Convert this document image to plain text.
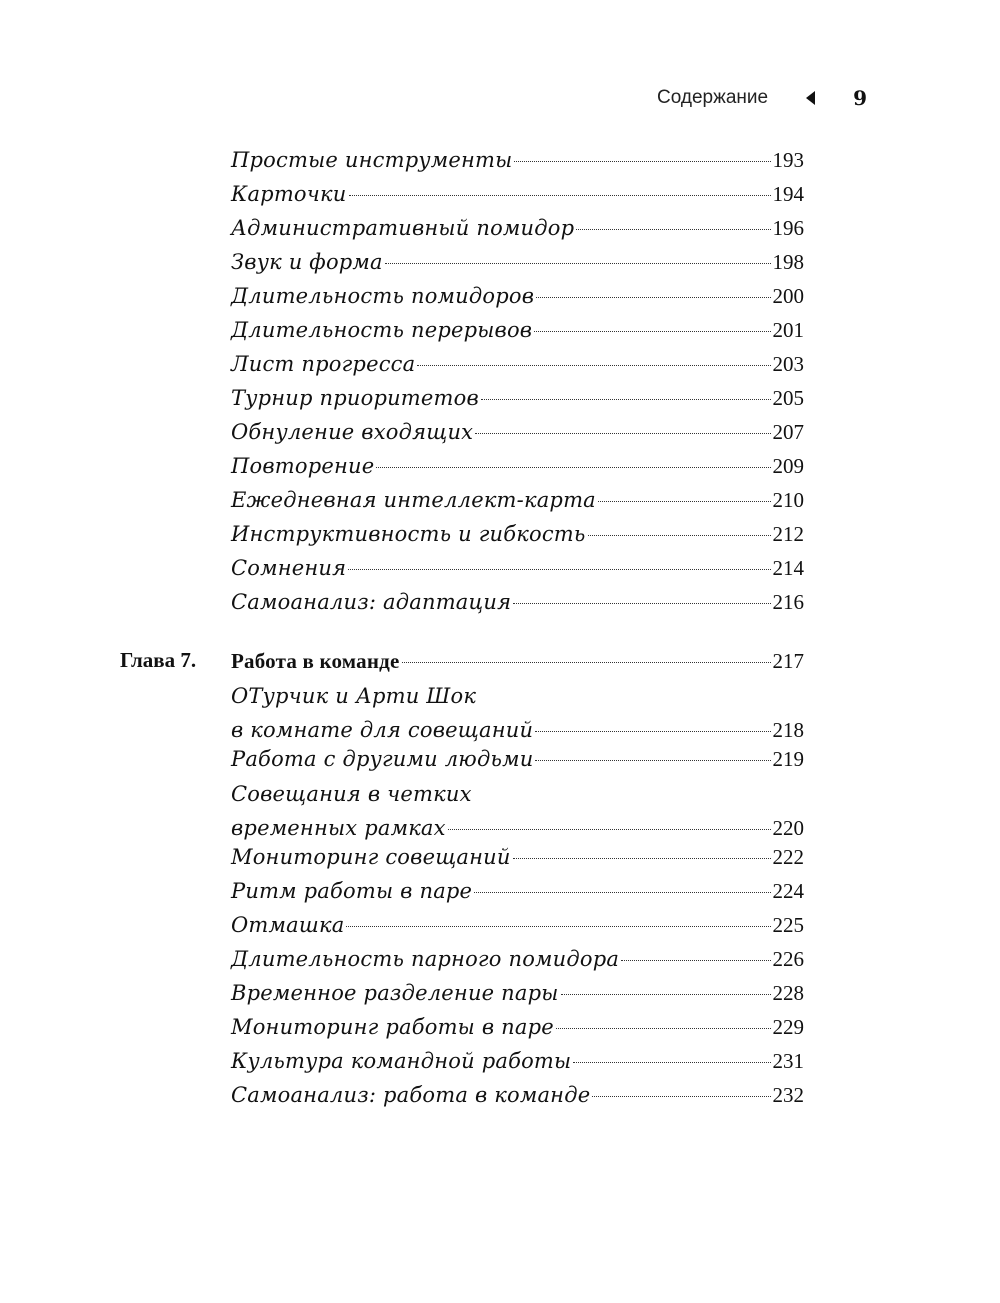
Содержание	9
Простые инструменты	193
Карточки	194
Административный помидор	196
Звук и форма	198
Длительность помидоров	200
Длительность перерывов	201
Лист прогресса	203
Турнир приоритетов	205
Обнуление входящих	207
Повторение	209
Ежедневная интеллект-карта	210
Инструктивность и гибкость	212
Сомнения	214
Самоанализ: адаптация	216
Глава 7. Работа в команде	217
ОТурчик и Арти Шок
в комнате для совещаний	218
Работа с другими людьми	219
Совещания в четких
временных рамках	220
Мониторинг совещаний	222
Ритм работы в паре	224
Отмашка	225
Длительность парного помидора	226
Временное разделение пары	228
Мониторинг работы в паре	229
Культура командной работы	231
Самоанализ: работа в команде	232
